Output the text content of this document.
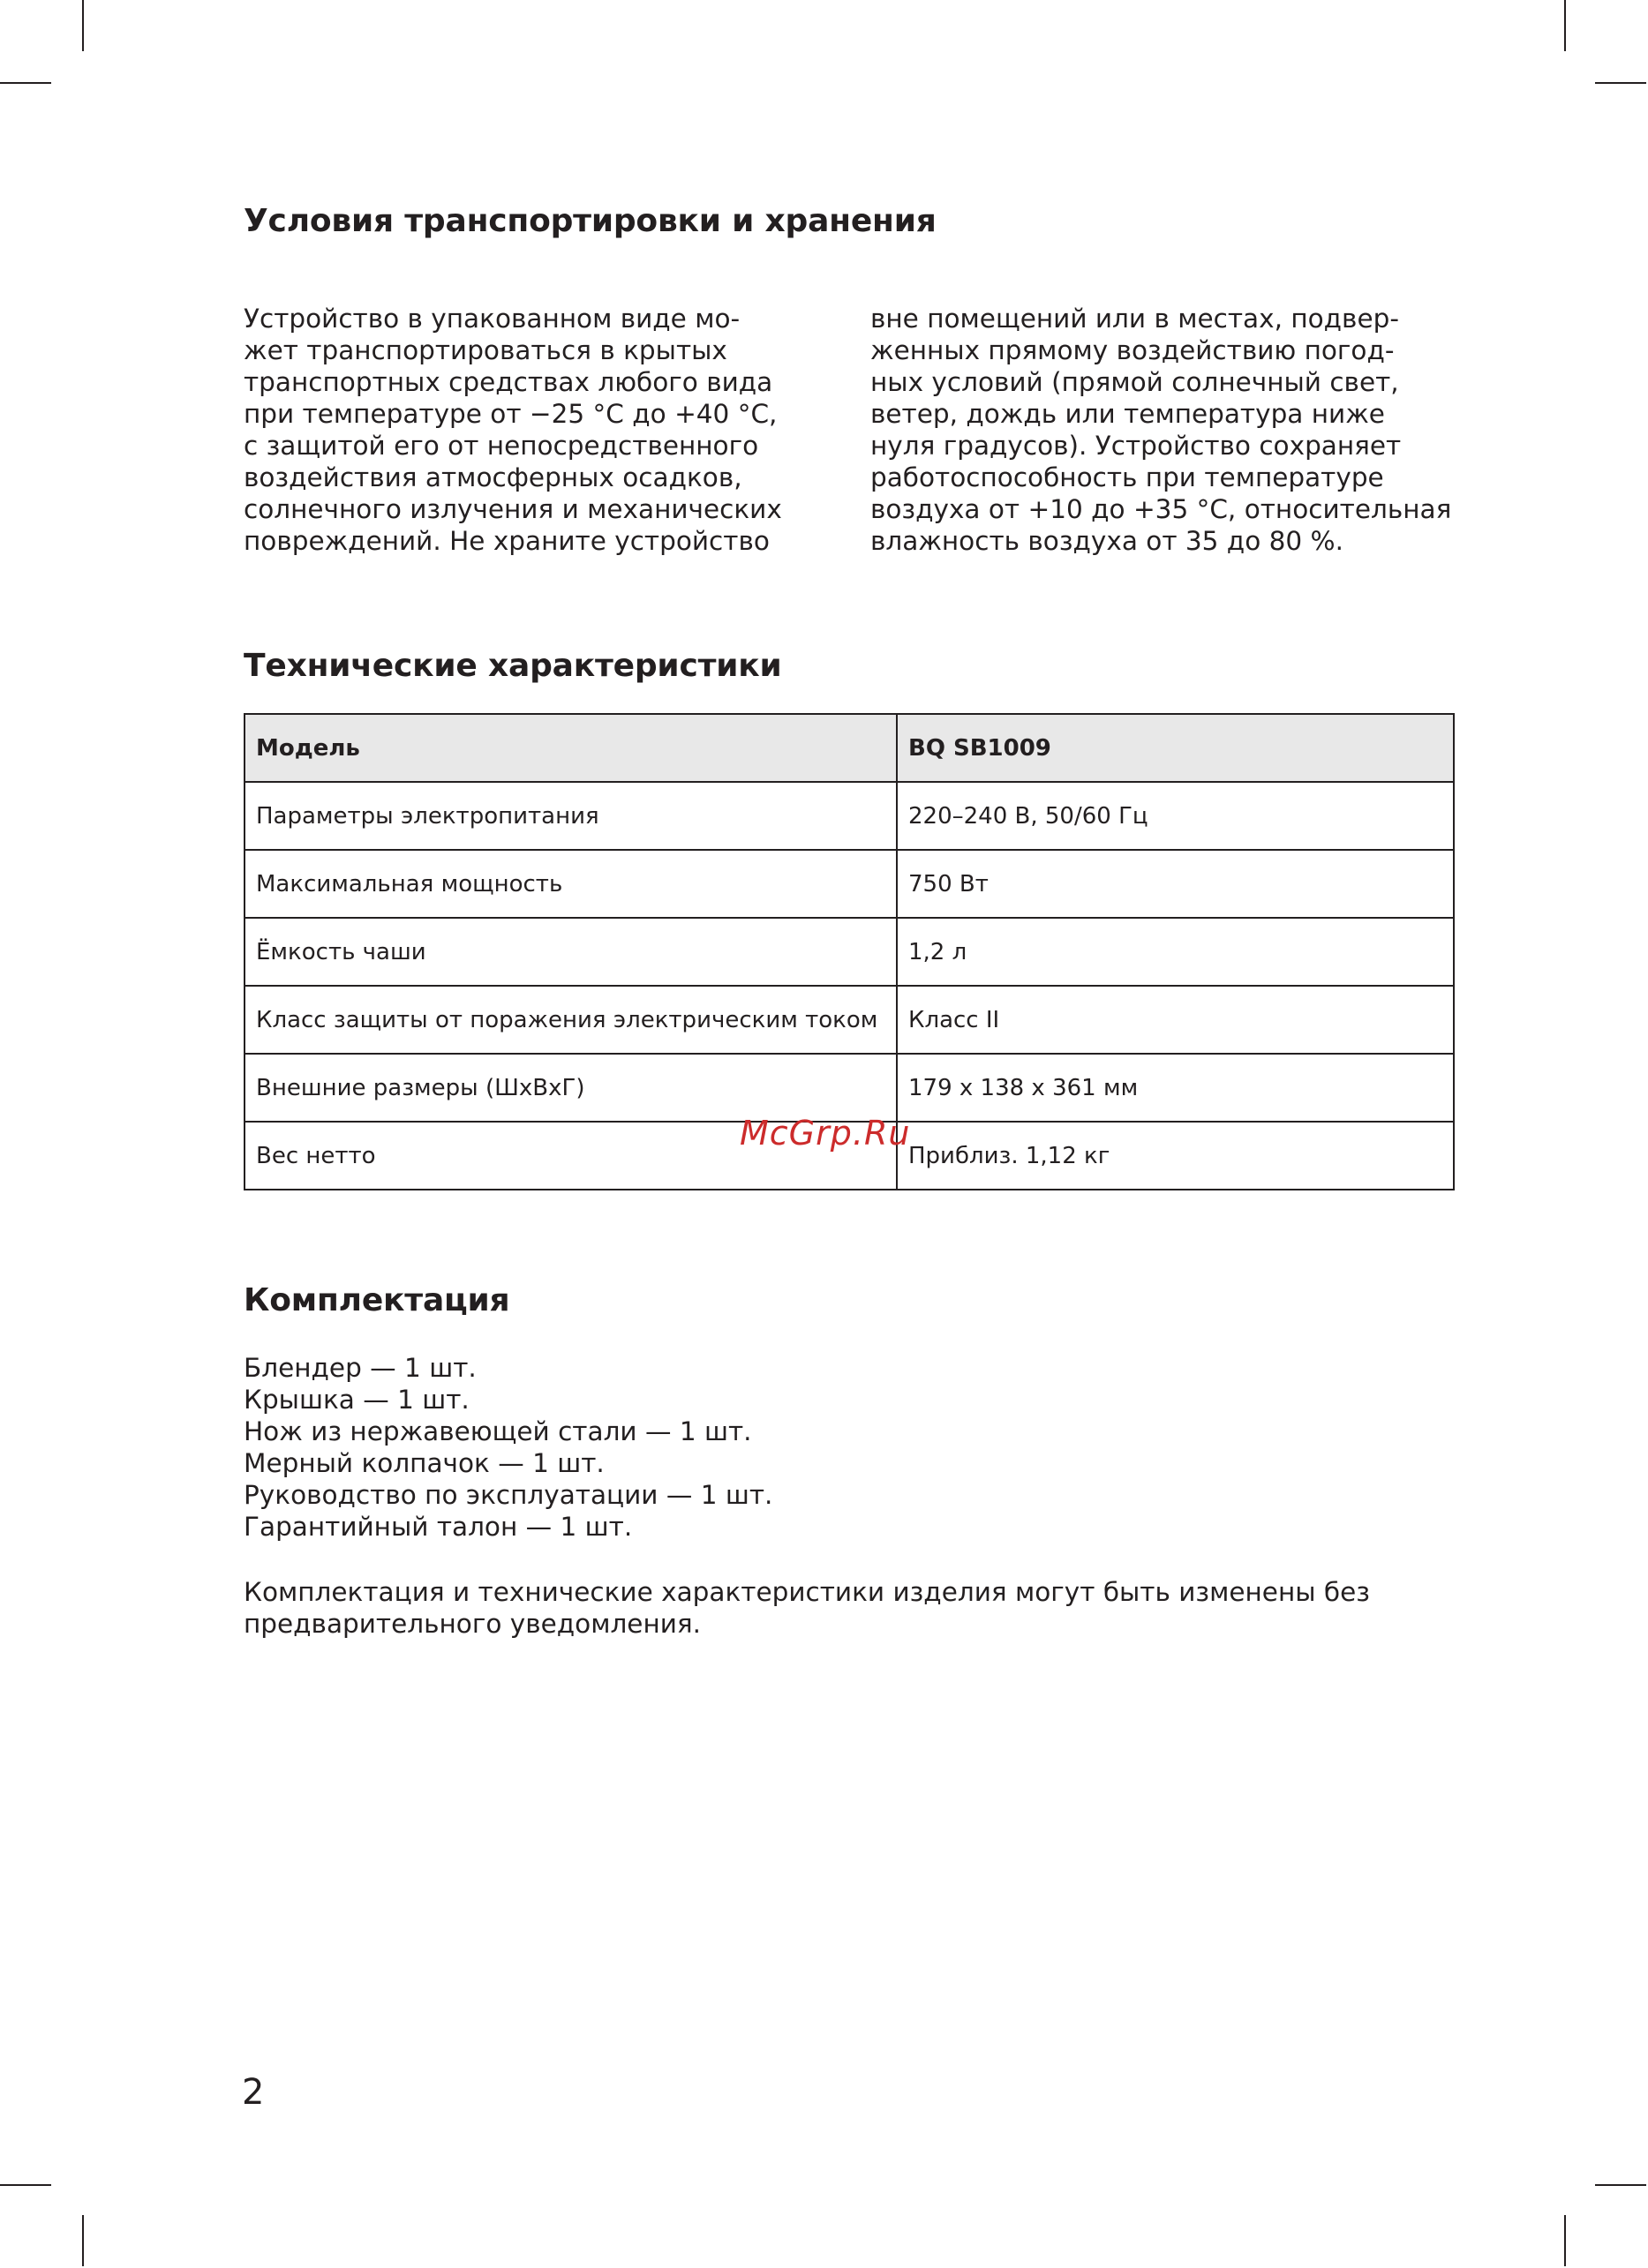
Условия транспортировки и хранения

Устройство в упакованном виде мо-
жет транспортироваться в крытых
транспортных средствах любого вида
при температуре от −25 °C до +40 °C,
с защитой его от непосредственного
воздействия атмосферных осадков,
солнечного излучения и механических
повреждений. Не храните устройство

вне помещений или в местах, подвер-
женных прямому воздействию погод-
ных условий (прямой солнечный свет,
ветер, дождь или температура ниже
нуля градусов). Устройство сохраняет
работоспособность при температуре
воздуха от +10 до +35 °C, относительная
влажность воздуха от 35 до 80 %.

Технические характеристики
Модель	BQ SB1009
Параметры электропитания	220–240 В, 50/60 Гц
Максимальная мощность	750 Вт
Ёмкость чаши	1,2 л
Класс защиты от поражения электрическим током	Класс II
Внешние размеры (ШхВхГ)	179 x 138 x 361 мм
Вес нетто	Приблиз. 1,12 кг
McGrp.Ru
Комплектация
Блендер — 1 шт.
Крышка — 1 шт.
Нож из нержавеющей стали — 1 шт.
Мерный колпачок — 1 шт.
Руководство по эксплуатации — 1 шт.
Гарантийный талон — 1 шт.

Комплектация и технические характеристики изделия могут быть изменены без
предварительного уведомления.

2
